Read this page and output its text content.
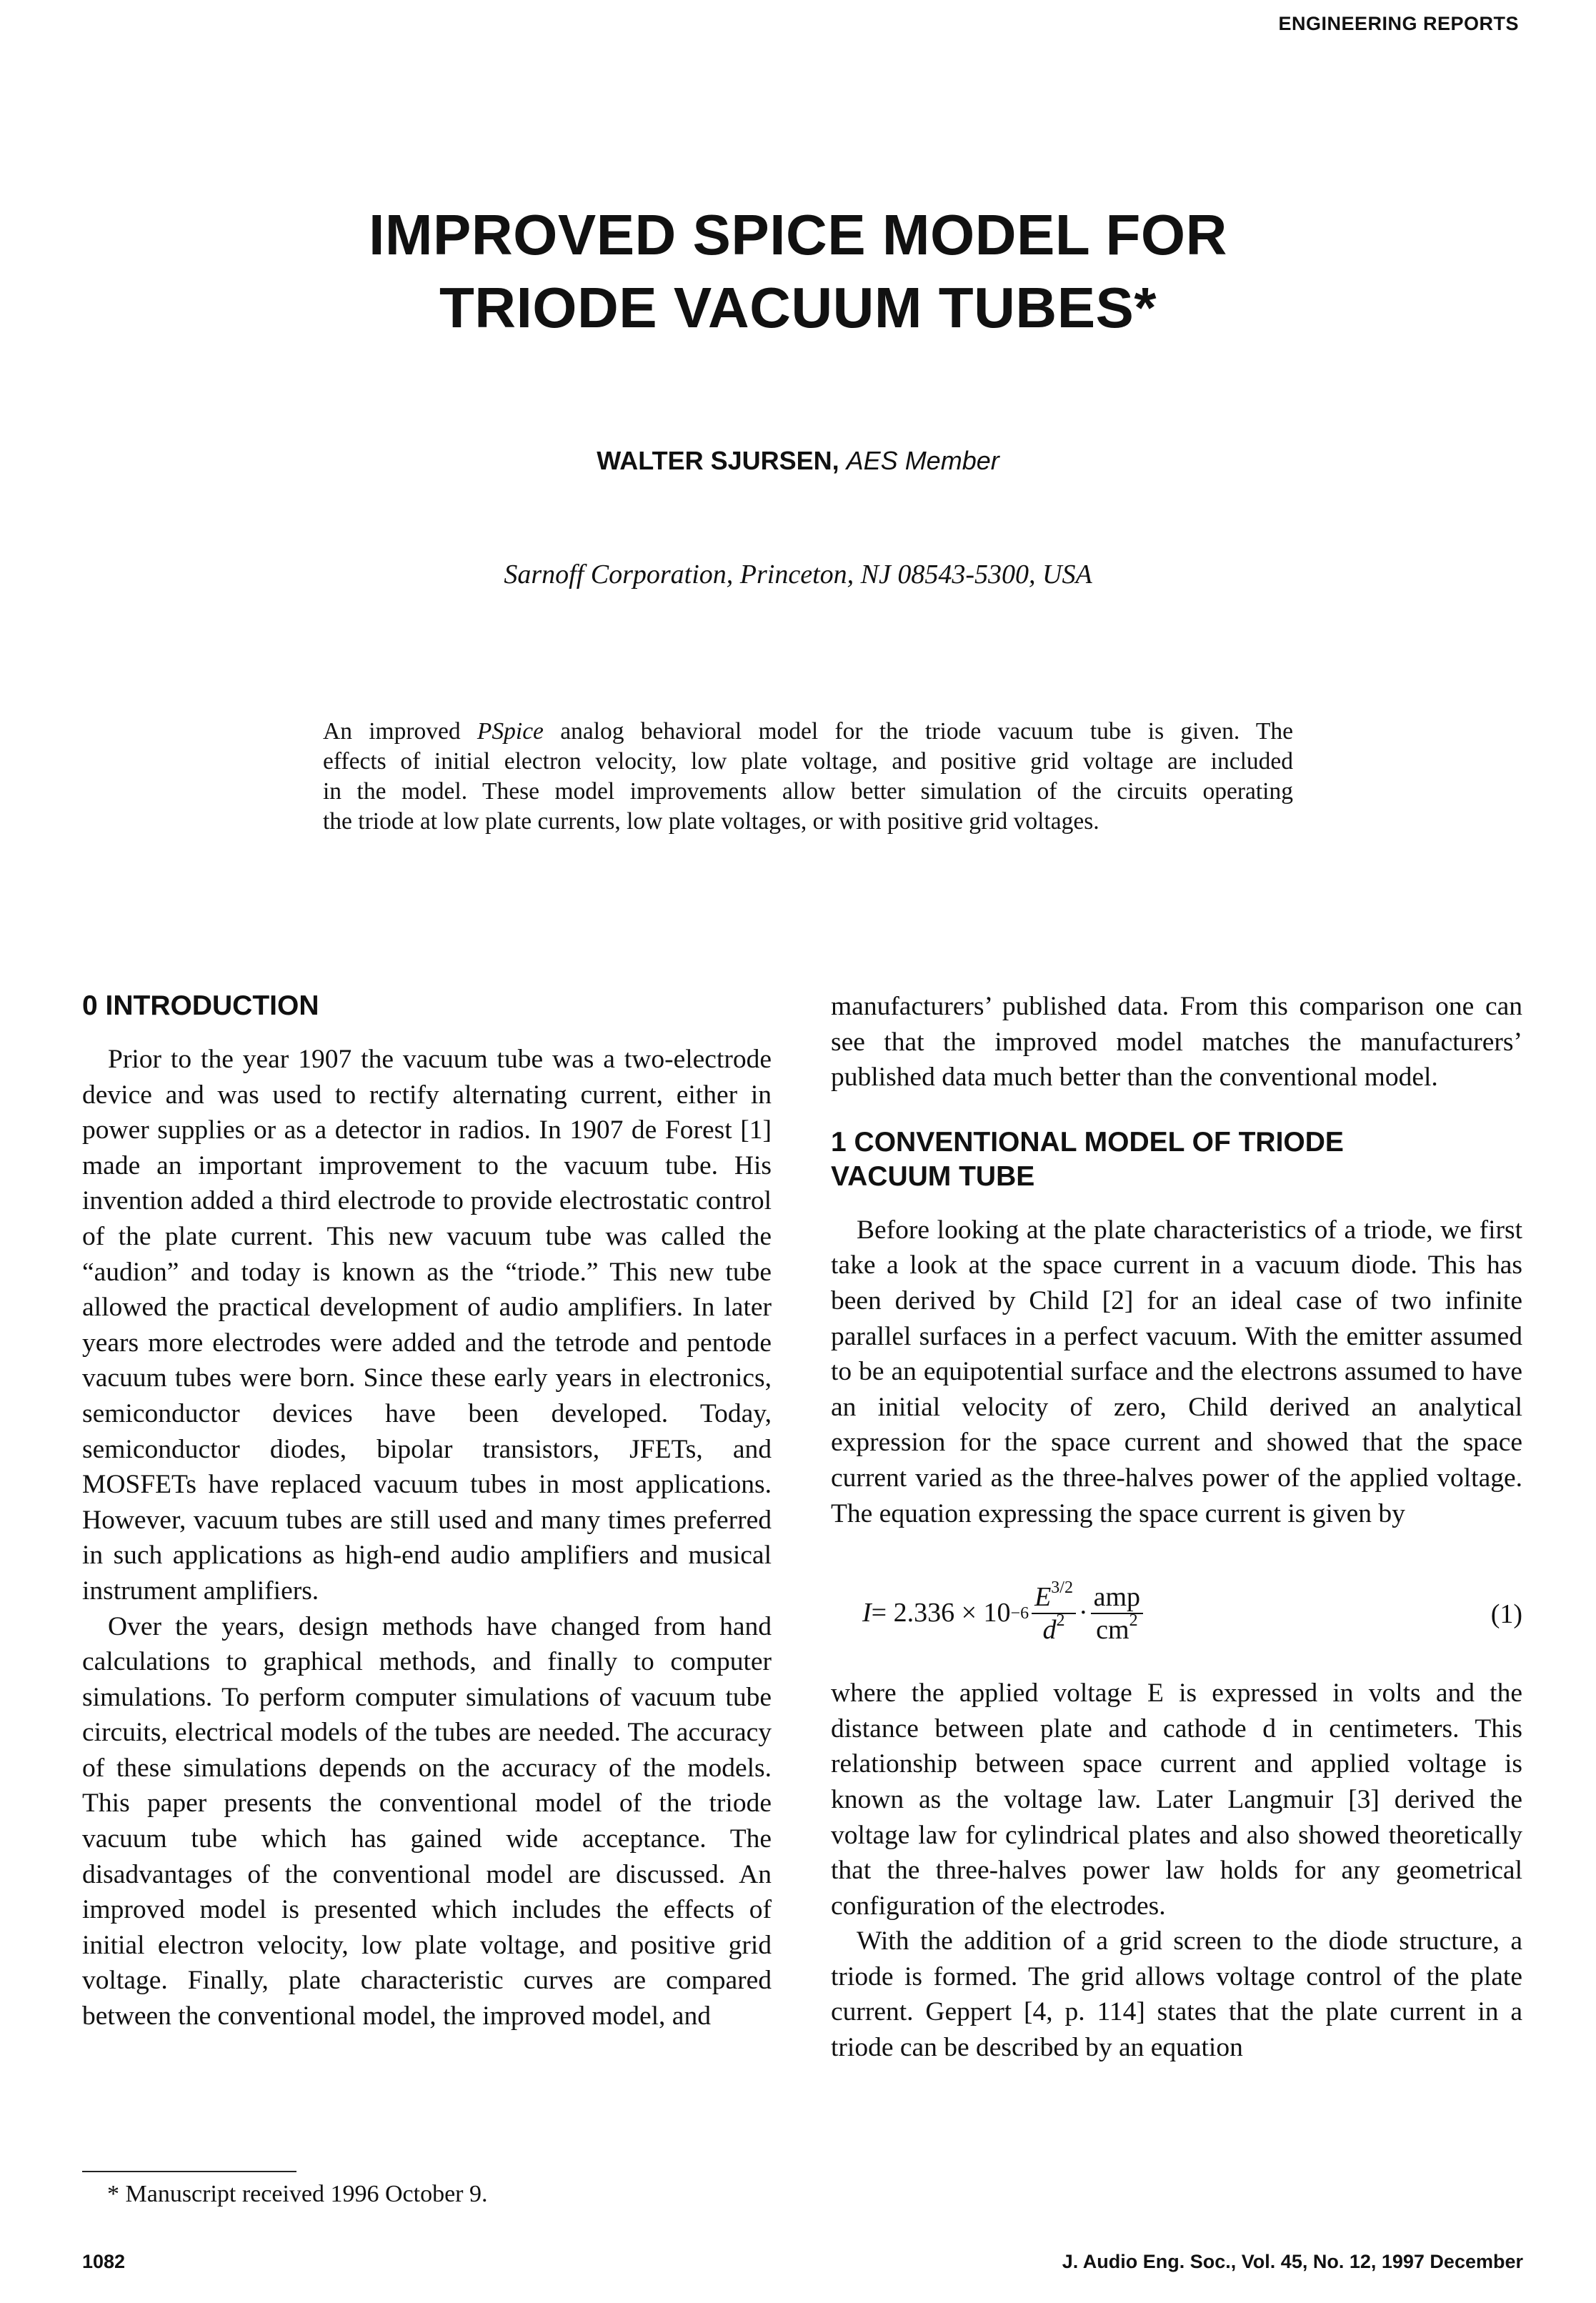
ENGINEERING REPORTS
IMPROVED SPICE MODEL FOR
TRIODE VACUUM TUBES*
WALTER SJURSEN, AES Member
Sarnoff Corporation, Princeton, NJ 08543-5300, USA
An improved PSpice analog behavioral model for the triode vacuum tube is given. The
effects of initial electron velocity, low plate voltage, and positive grid voltage are included
in the model. These model improvements allow better simulation of the circuits operating
the triode at low plate currents, low plate voltages, or with positive grid voltages.
0 INTRODUCTION

Prior to the year 1907 the vacuum tube was a two-electrode device and was used to rectify alternating current, either in power supplies or as a detector in radios. In 1907 de Forest [1] made an important improvement to the vacuum tube. His invention added a third electrode to provide electrostatic control of the plate current. This new vacuum tube was called the “audion” and today is known as the “triode.” This new tube allowed the practical development of audio amplifiers. In later years more electrodes were added and the tetrode and pentode vacuum tubes were born. Since these early years in electronics, semiconductor devices have been developed. Today, semiconductor diodes, bipolar transistors, JFETs, and MOSFETs have replaced vacuum tubes in most applications. However, vacuum tubes are still used and many times preferred in such applications as high-end audio amplifiers and musical instrument amplifiers.

Over the years, design methods have changed from hand calculations to graphical methods, and finally to computer simulations. To perform computer simulations of vacuum tube circuits, electrical models of the tubes are needed. The accuracy of these simulations depends on the accuracy of the models. This paper presents the conventional model of the triode vacuum tube which has gained wide acceptance. The disadvantages of the conventional model are discussed. An improved model is presented which includes the effects of initial electron velocity, low plate voltage, and positive grid voltage. Finally, plate characteristic curves are compared between the conventional model, the improved model, and

manufacturers’ published data. From this comparison one can see that the improved model matches the manufacturers’ published data much better than the conventional model.

1 CONVENTIONAL MODEL OF TRIODE VACUUM TUBE

Before looking at the plate characteristics of a triode, we first take a look at the space current in a vacuum diode. This has been derived by Child [2] for an ideal case of two infinite parallel surfaces in a perfect vacuum. With the emitter assumed to be an equipotential surface and the electrons assumed to have an initial velocity of zero, Child derived an analytical expression for the space current and showed that the space current varied as the three-halves power of the applied voltage. The equation expressing the space current is given by

$I = 2.336 \times 10 -6 \frac{E^{3/2}}{d^2} \cdot \frac{\text{amp}}{cm^2}$	(1)

where the applied voltage E is expressed in volts and the distance between plate and cathode d in centimeters. This relationship between space current and applied voltage is known as the voltage law. Later Langmuir [3] derived the voltage law for cylindrical plates and also showed theoretically that the three-halves power law holds for any geometrical configuration of the electrodes.

With the addition of a grid screen to the diode structure, a triode is formed. The grid allows voltage control of the plate current. Geppert [4, p. 114] states that the plate current in a triode can be described by an equation

* Manuscript received 1996 October 9.
1082	J. Audio Eng. Soc., Vol. 45, No. 12, 1997 December
